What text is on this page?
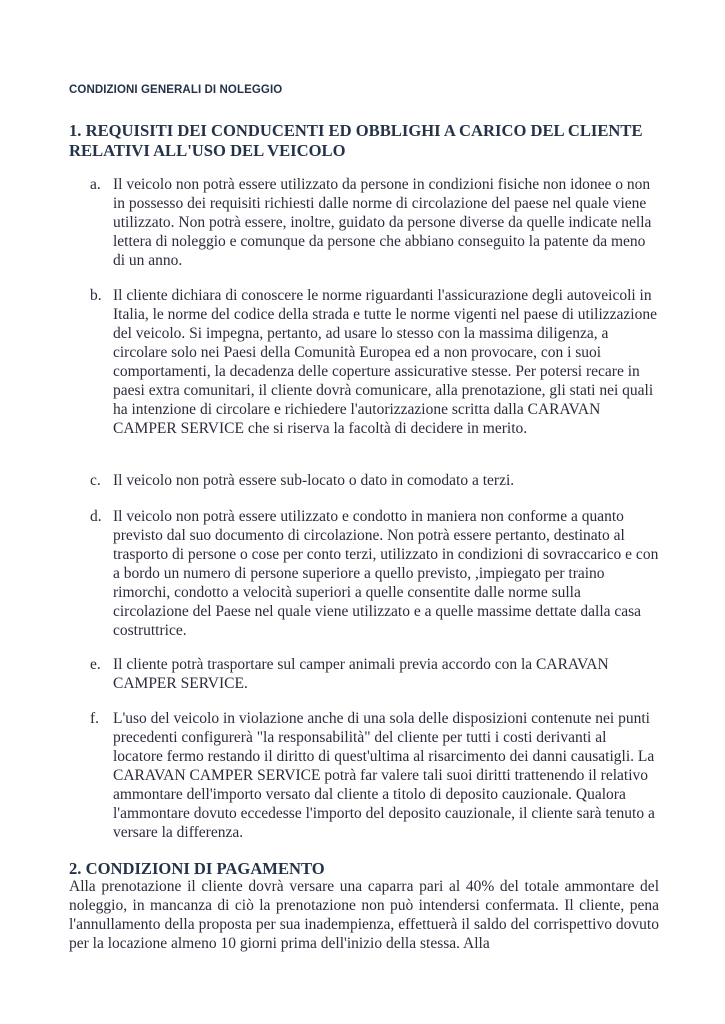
CONDIZIONI GENERALI DI NOLEGGIO
1. REQUISITI DEI CONDUCENTI ED OBBLIGHI A CARICO DEL CLIENTE RELATIVI ALL'USO DEL VEICOLO
a. Il veicolo non potrà essere utilizzato da persone in condizioni fisiche non idonee o non in possesso dei requisiti richiesti dalle norme di circolazione del paese nel quale viene utilizzato. Non potrà essere, inoltre, guidato da persone diverse da quelle indicate nella lettera di noleggio e comunque da persone che abbiano conseguito la patente da meno di un anno.
b. Il cliente dichiara di conoscere le norme riguardanti l'assicurazione degli autoveicoli in Italia, le norme del codice della strada e tutte le norme vigenti nel paese di utilizzazione del veicolo. Si impegna, pertanto, ad usare lo stesso con la massima diligenza, a circolare solo nei Paesi della Comunità Europea ed a non provocare, con i suoi comportamenti, la decadenza delle coperture assicurative stesse. Per potersi recare in paesi extra comunitari, il cliente dovrà comunicare, alla prenotazione, gli stati nei quali ha intenzione di circolare e richiedere l'autorizzazione scritta dalla CARAVAN CAMPER SERVICE che si riserva la facoltà di decidere in merito.
c. Il veicolo non potrà essere sub-locato o dato in comodato a terzi.
d. Il veicolo non potrà essere utilizzato e condotto in maniera non conforme a quanto previsto dal suo documento di circolazione. Non potrà essere pertanto, destinato al trasporto di persone o cose per conto terzi, utilizzato in condizioni di sovraccarico e con a bordo un numero di persone superiore a quello previsto, ,impiegato per traino rimorchi, condotto a velocità superiori a quelle consentite dalle norme sulla circolazione del Paese nel quale viene utilizzato e a quelle massime dettate dalla casa costruttrice.
e. Il cliente potrà trasportare sul camper animali previa accordo con la CARAVAN CAMPER SERVICE.
f. L'uso del veicolo in violazione anche di una sola delle disposizioni contenute nei punti precedenti configurerà "la responsabilità" del cliente per tutti i costi derivanti al locatore fermo restando il diritto di quest'ultima al risarcimento dei danni causatigli. La CARAVAN CAMPER SERVICE potrà far valere tali suoi diritti trattenendo il relativo ammontare dell'importo versato dal cliente a titolo di deposito cauzionale. Qualora l'ammontare dovuto eccedesse l'importo del deposito cauzionale, il cliente sarà tenuto a versare la differenza.
2. CONDIZIONI DI PAGAMENTO

Alla prenotazione il cliente dovrà versare una caparra pari al 40% del totale ammontare del noleggio, in mancanza di ciò la prenotazione non può intendersi confermata. Il cliente, pena l'annullamento della proposta per sua inadempienza, effettuerà il saldo del corrispettivo dovuto per la locazione almeno 10 giorni prima dell'inizio della stessa. Alla
